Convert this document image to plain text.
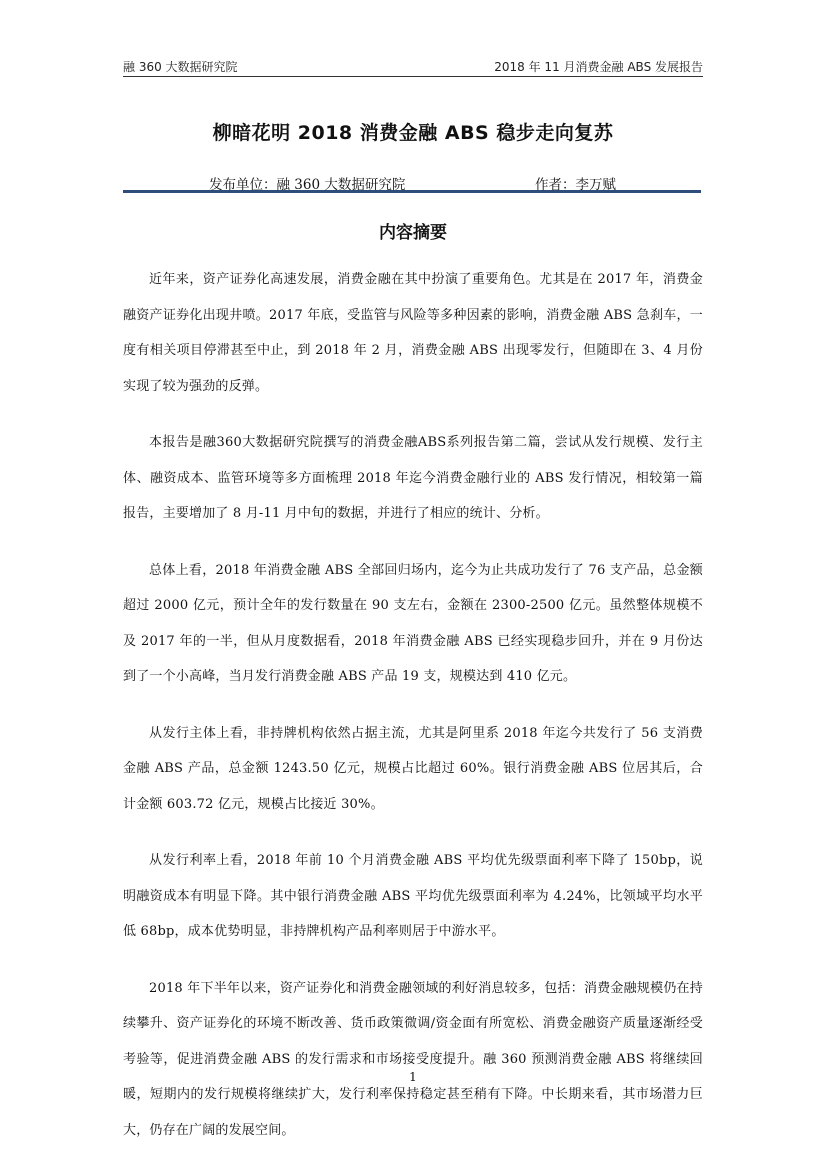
融 360 大数据研究院	2018 年 11 月消费金融 ABS 发展报告
柳暗花明 2018 消费金融 ABS 稳步走向复苏
发布单位：融 360 大数据研究院	作者：李万赋
内容摘要

近年来，资产证券化高速发展，消费金融在其中扮演了重要角色。尤其是在 2017 年，消费金融资产证券化出现井喷。2017 年底，受监管与风险等多种因素的影响，消费金融 ABS 急刹车，一度有相关项目停滞甚至中止，到 2018 年 2 月，消费金融 ABS 出现零发行，但随即在 3、4 月份实现了较为强劲的反弹。

本报告是融360大数据研究院撰写的消费金融ABS系列报告第二篇，尝试从发行规模、发行主体、融资成本、监管环境等多方面梳理 2018 年迄今消费金融行业的 ABS 发行情况，相较第一篇报告，主要增加了 8 月-11 月中旬的数据，并进行了相应的统计、分析。

总体上看，2018 年消费金融 ABS 全部回归场内，迄今为止共成功发行了 76 支产品，总金额超过 2000 亿元，预计全年的发行数量在 90 支左右，金额在 2300-2500 亿元。虽然整体规模不及 2017 年的一半，但从月度数据看，2018 年消费金融 ABS 已经实现稳步回升，并在 9 月份达到了一个小高峰，当月发行消费金融 ABS 产品 19 支，规模达到 410 亿元。

从发行主体上看，非持牌机构依然占据主流，尤其是阿里系 2018 年迄今共发行了 56 支消费金融 ABS 产品，总金额 1243.50 亿元，规模占比超过 60%。银行消费金融 ABS 位居其后，合计金额 603.72 亿元，规模占比接近 30%。

从发行利率上看，2018 年前 10 个月消费金融 ABS 平均优先级票面利率下降了 150bp，说明融资成本有明显下降。其中银行消费金融 ABS 平均优先级票面利率为 4.24%，比领域平均水平低 68bp，成本优势明显，非持牌机构产品利率则居于中游水平。

2018 年下半年以来，资产证券化和消费金融领域的利好消息较多，包括：消费金融规模仍在持续攀升、资产证券化的环境不断改善、货币政策微调/资金面有所宽松、消费金融资产质量逐渐经受考验等，促进消费金融 ABS 的发行需求和市场接受度提升。融 360 预测消费金融 ABS 将继续回暖，短期内的发行规模将继续扩大，发行利率保持稳定甚至稍有下降。中长期来看，其市场潜力巨大，仍存在广阔的发展空间。

1
